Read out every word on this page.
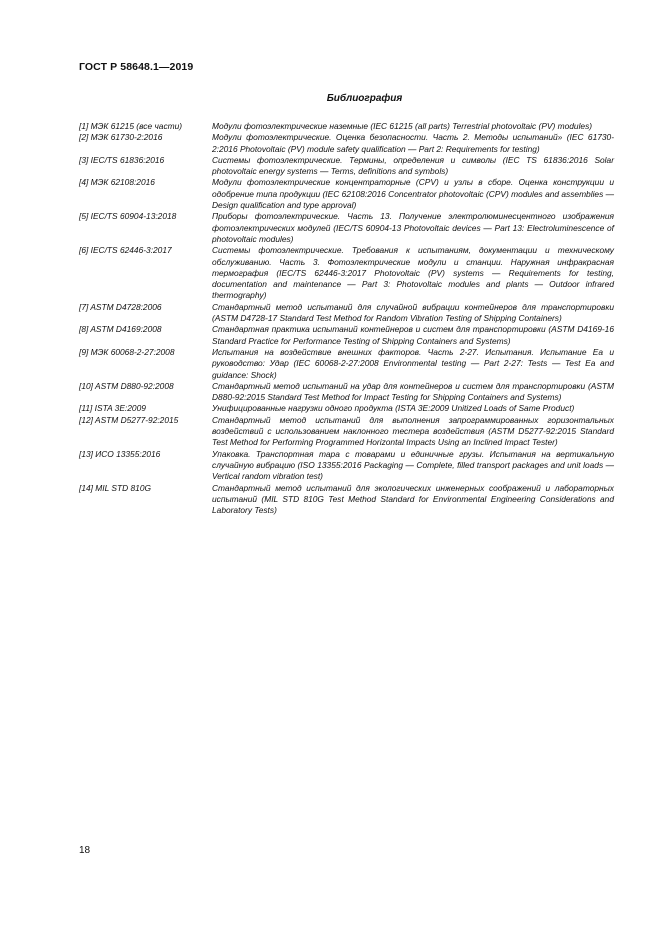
ГОСТ Р 58648.1—2019
Библиография
[1] МЭК 61215 (все части)	Модули фотоэлектрические наземные (IEC 61215 (all parts) Terrestrial photovoltaic (PV) modules)
[2] МЭК 61730-2:2016	Модули фотоэлектрические. Оценка безопасности. Часть 2. Методы испытаний» (IEC 61730-2:2016 Photovoltaic (PV) module safety qualification — Part 2: Requirements for testing)
[3] IEC/TS 61836:2016	Системы фотоэлектрические. Термины, определения и символы (IEC TS 61836:2016 Solar photovoltaic energy systems — Terms, definitions and symbols)
[4] МЭК 62108:2016	Модули фотоэлектрические концентраторные (CPV) и узлы в сборе. Оценка конструкции и одобрение типа продукции (IEC 62108:2016 Concentrator photovoltaic (CPV) modules and assemblies — Design qualification and type approval)
[5] IEC/TS 60904-13:2018	Приборы фотоэлектрические. Часть 13. Получение электролюминесцентного изображения фотоэлектрических модулей (IEC/TS 60904-13 Photovoltaic devices — Part 13: Electroluminescence of photovoltaic modules)
[6] IEC/TS 62446-3:2017	Системы фотоэлектрические. Требования к испытаниям, документации и техническому обслуживанию. Часть 3. Фотоэлектрические модули и станции. Наружная инфракрасная термография (IEC/TS 62446-3:2017 Photovoltaic (PV) systems — Requirements for testing, documentation and maintenance — Part 3: Photovoltaic modules and plants — Outdoor infrared thermography)
[7] ASTM D4728:2006	Стандартный метод испытаний для случайной вибрации контейнеров для транспортировки (ASTM D4728-17 Standard Test Method for Random Vibration Testing of Shipping Containers)
[8] ASTM D4169:2008	Стандартная практика испытаний контейнеров и систем для транспортировки (ASTM D4169-16 Standard Practice for Performance Testing of Shipping Containers and Systems)
[9] МЭК 60068-2-27:2008	Испытания на воздействие внешних факторов. Часть 2-27. Испытания. Испытание Ea и руководство: Удар (IEC 60068-2-27:2008 Environmental testing — Part 2-27: Tests — Test Ea and guidance: Shock)
[10] ASTM D880-92:2008	Стандартный метод испытаний на удар для контейнеров и систем для транспортировки (ASTM D880-92:2015 Standard Test Method for Impact Testing for Shipping Containers and Systems)
[11] ISTA 3E:2009	Унифицированные нагрузки одного продукта (ISTA 3E:2009 Unitized Loads of Same Product)
[12] ASTM D5277-92:2015	Стандартный метод испытаний для выполнения запрограммированных горизонтальных воздействий с использованием наклонного тестера воздействия (ASTM D5277-92:2015 Standard Test Method for Performing Programmed Horizontal Impacts Using an Inclined Impact Tester)
[13] ИСО 13355:2016	Упаковка. Транспортная тара с товарами и единичные грузы. Испытания на вертикальную случайную вибрацию (ISO 13355:2016 Packaging — Complete, filled transport packages and unit loads — Vertical random vibration test)
[14] MIL STD 810G	Стандартный метод испытаний для экологических инженерных соображений и лабораторных испытаний (MIL STD 810G Test Method Standard for Environmental Engineering Considerations and Laboratory Tests)
18
